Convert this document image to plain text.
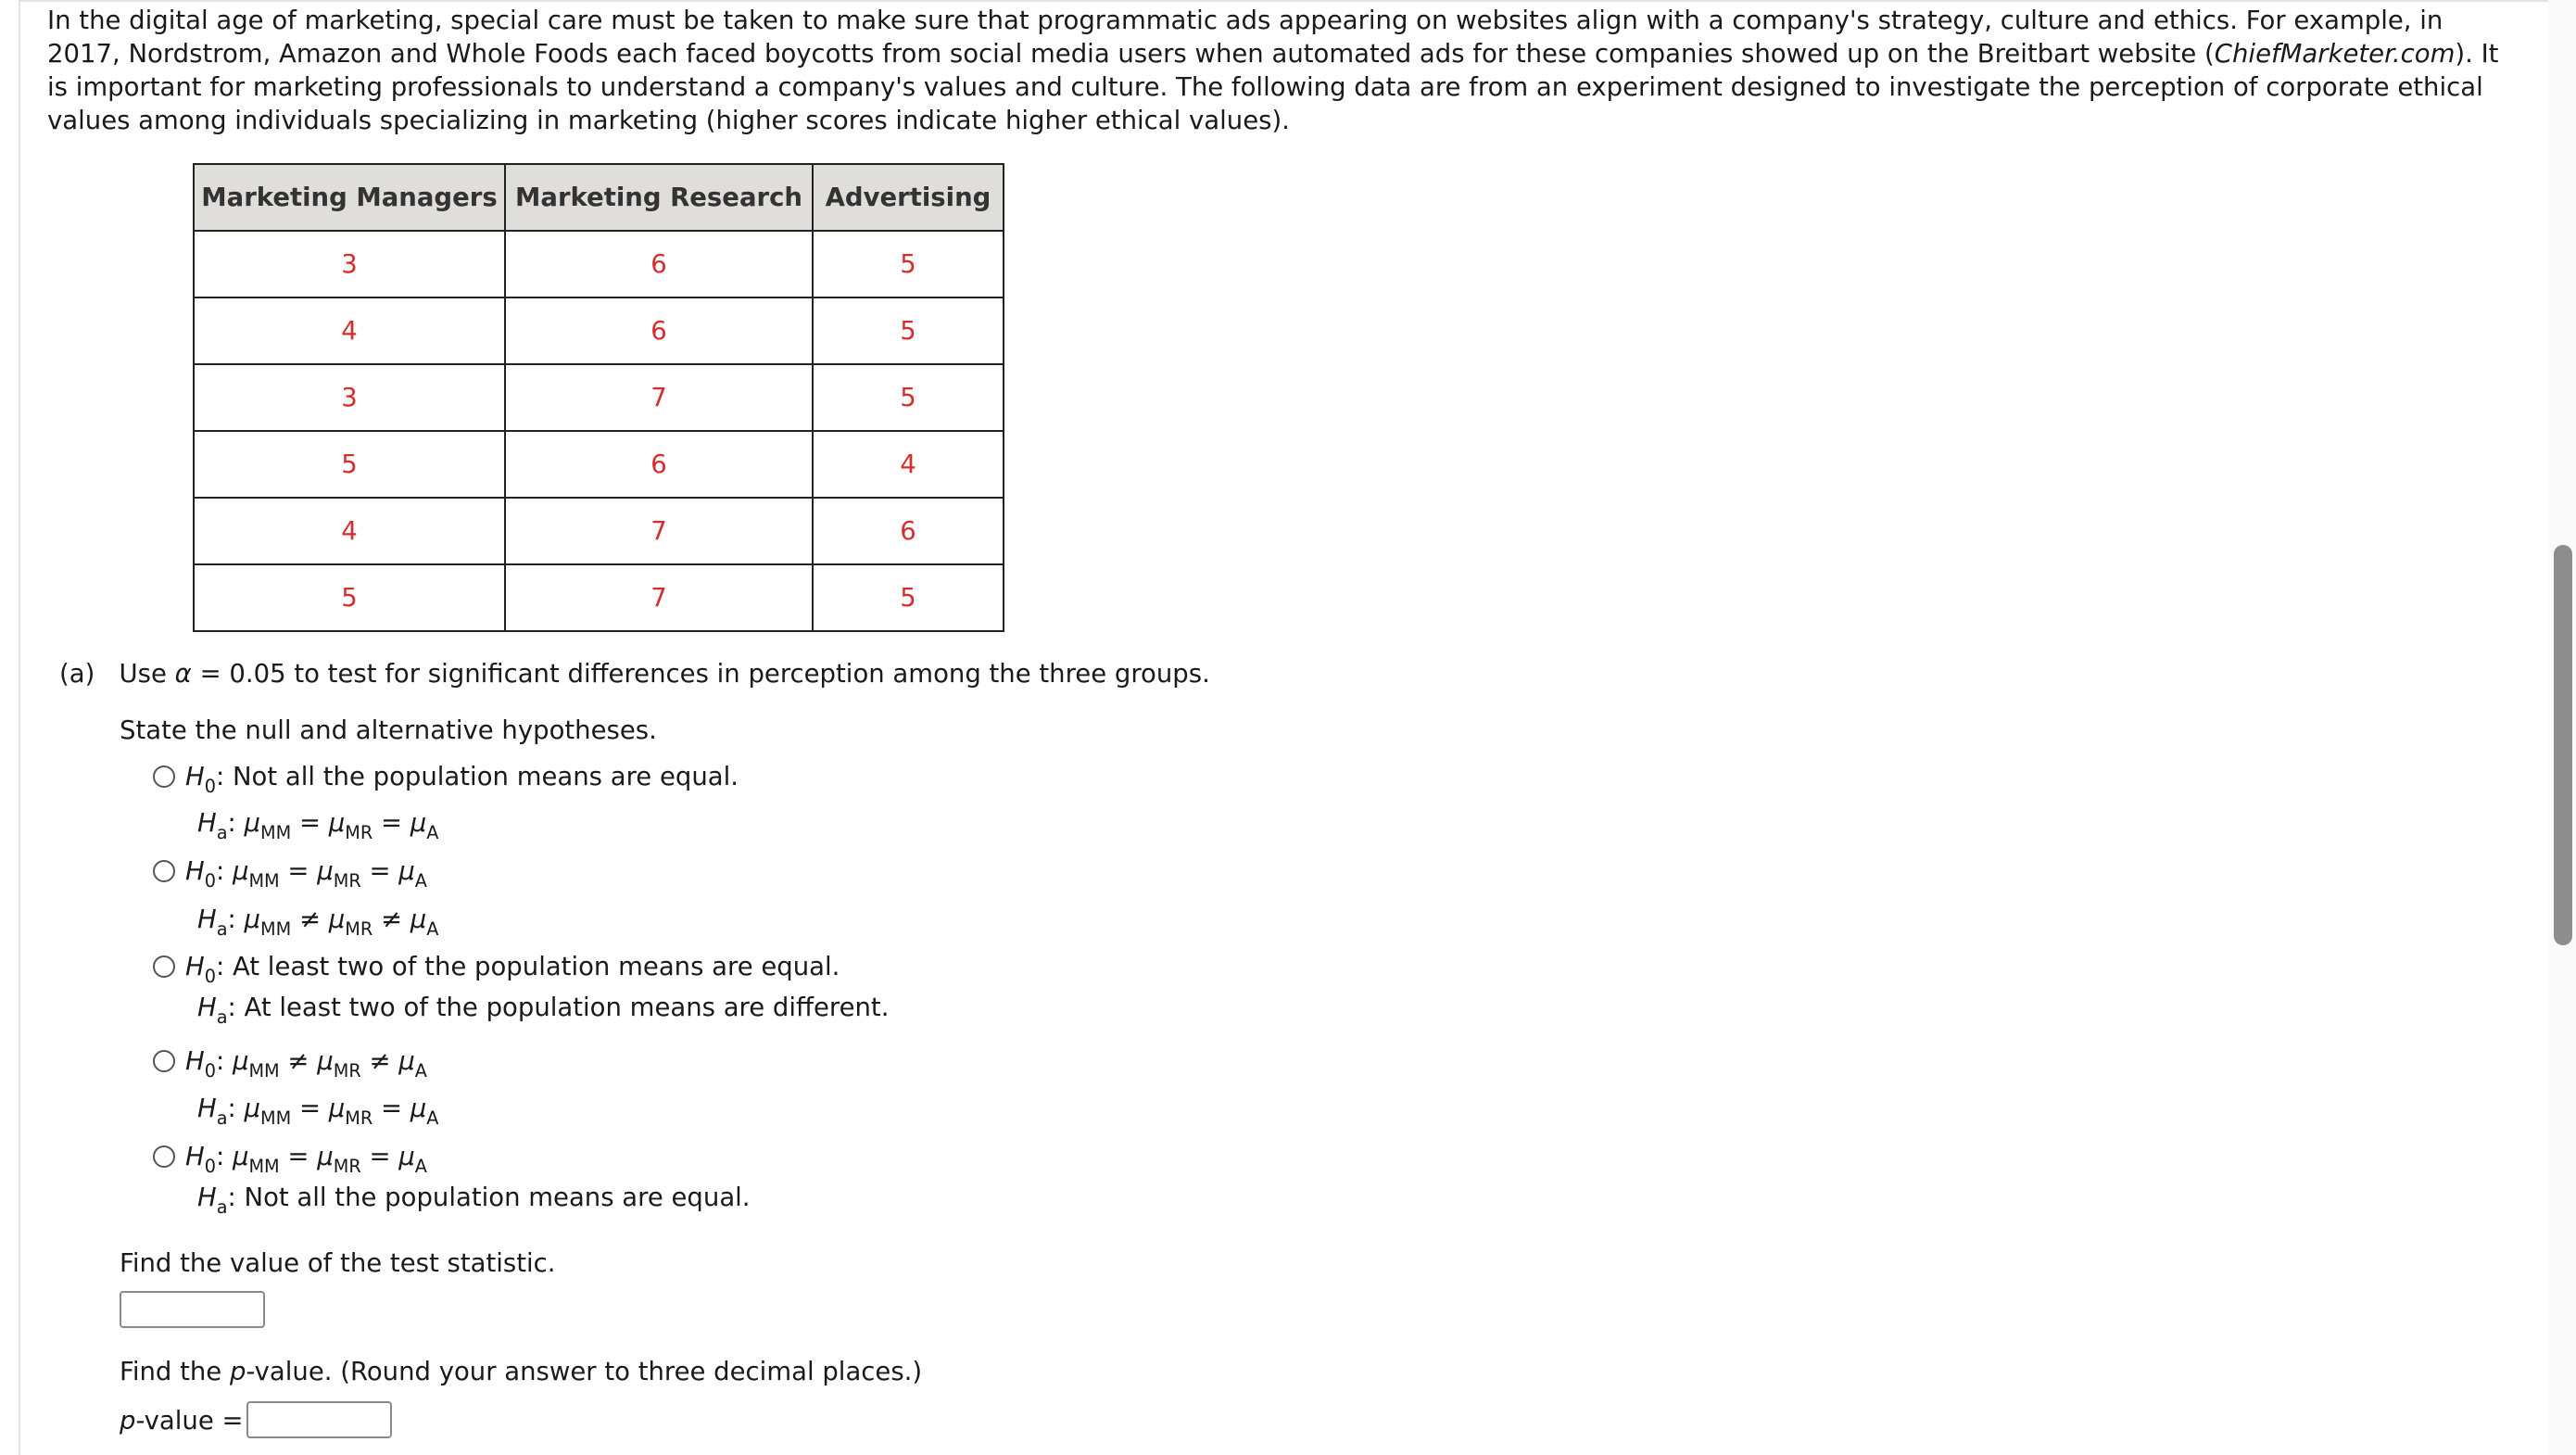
In the digital age of marketing, special care must be taken to make sure that programmatic ads appearing on websites align with a company's strategy, culture and ethics. For example, in 2017, Nordstrom, Amazon and Whole Foods each faced boycotts from social media users when automated ads for these companies showed up on the Breitbart website (ChiefMarketer.com). It is important for marketing professionals to understand a company's values and culture. The following data are from an experiment designed to investigate the perception of corporate ethical values among individuals specializing in marketing (higher scores indicate higher ethical values).
Marketing Managers	Marketing Research	Advertising
3	6	5
4	6	5
3	7	5
5	6	4
4	7	6
5	7	5
(a) Use α = 0.05 to test for significant differences in perception among the three groups.
State the null and alternative hypotheses.
$H_0$: Not all the population means are equal.
$H_a$: $\mu_{MM} = \mu_{MR} = \mu_A$
$H_0$: $\mu_{MM} = \mu_{MR} = \mu_A$
$H_a$: $\mu_{MM} \ne \mu_{MR} \ne \mu_A$
$H_0$: At least two of the population means are equal.
$H_a$: At least two of the population means are different.
$H_0$: $\mu_{MM} \ne \mu_{MR} \ne \mu_A$
$H_a$: $\mu_{MM} = \mu_{MR} = \mu_A$
$H_0$: $\mu_{MM} = \mu_{MR} = \mu_A$
$H_a$: Not all the population means are equal.
Find the value of the test statistic.
Find the p-value. (Round your answer to three decimal places.)
p-value =
